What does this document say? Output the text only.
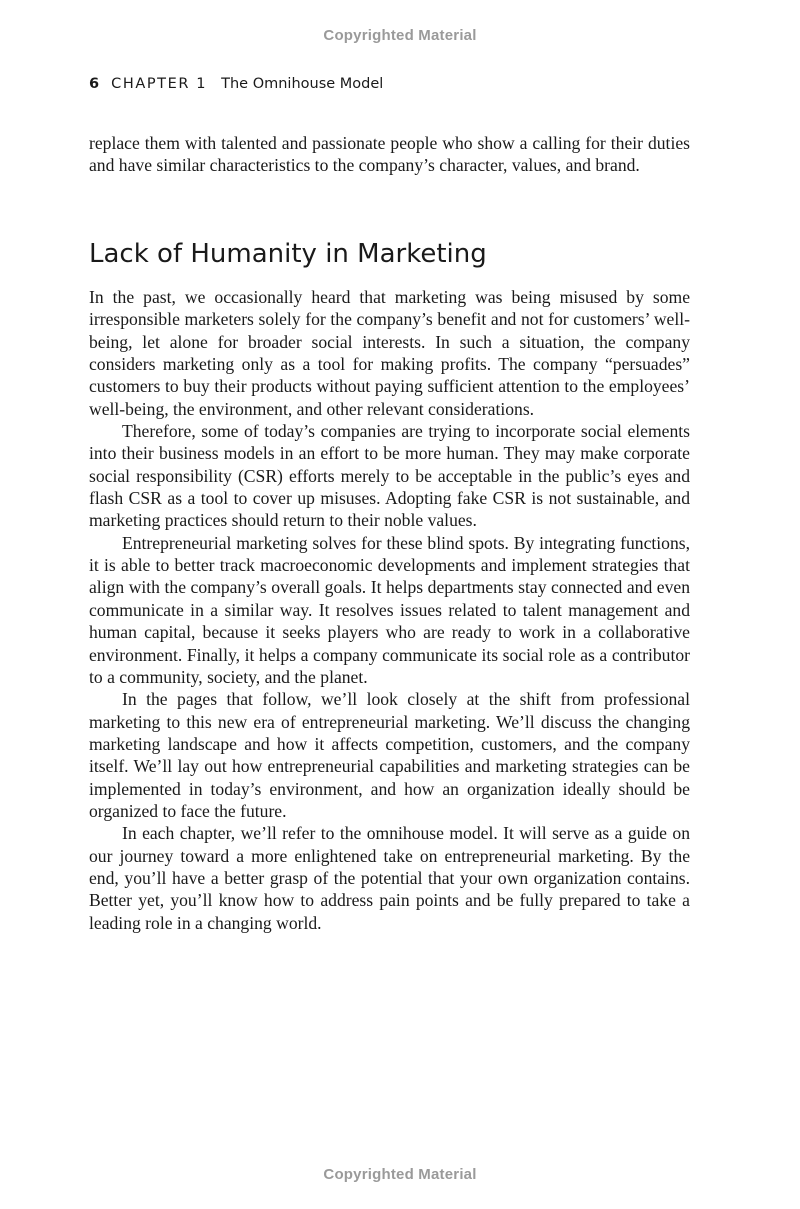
Copyrighted Material
6 CHAPTER 1 The Omnihouse Model

replace them with talented and passionate people who show a calling for their duties and have similar characteristics to the company’s character, values, and brand.

Lack of Humanity in Marketing

In the past, we occasionally heard that marketing was being misused by some irresponsible marketers solely for the company’s benefit and not for customers’ well-being, let alone for broader social interests. In such a situation, the company considers marketing only as a tool for making profits. The company “persuades” customers to buy their products without paying sufficient attention to the employees’ well-being, the environment, and other relevant considerations.

Therefore, some of today’s companies are trying to incorporate social elements into their business models in an effort to be more human. They may make corporate social responsibility (CSR) efforts merely to be acceptable in the public’s eyes and flash CSR as a tool to cover up misuses. Adopting fake CSR is not sustainable, and marketing practices should return to their noble values.

Entrepreneurial marketing solves for these blind spots. By integrating functions, it is able to better track macroeconomic developments and implement strategies that align with the company’s overall goals. It helps departments stay connected and even communicate in a similar way. It resolves issues related to talent management and human capital, because it seeks players who are ready to work in a collaborative environment. Finally, it helps a company communicate its social role as a contributor to a community, society, and the planet.

In the pages that follow, we’ll look closely at the shift from professional marketing to this new era of entrepreneurial marketing. We’ll discuss the changing marketing landscape and how it affects competition, customers, and the company itself. We’ll lay out how entrepreneurial capabilities and marketing strategies can be implemented in today’s environment, and how an organization ideally should be organized to face the future.

In each chapter, we’ll refer to the omnihouse model. It will serve as a guide on our journey toward a more enlightened take on entrepreneurial marketing. By the end, you’ll have a better grasp of the potential that your own organization contains. Better yet, you’ll know how to address pain points and be fully prepared to take a leading role in a changing world.

Copyrighted Material
